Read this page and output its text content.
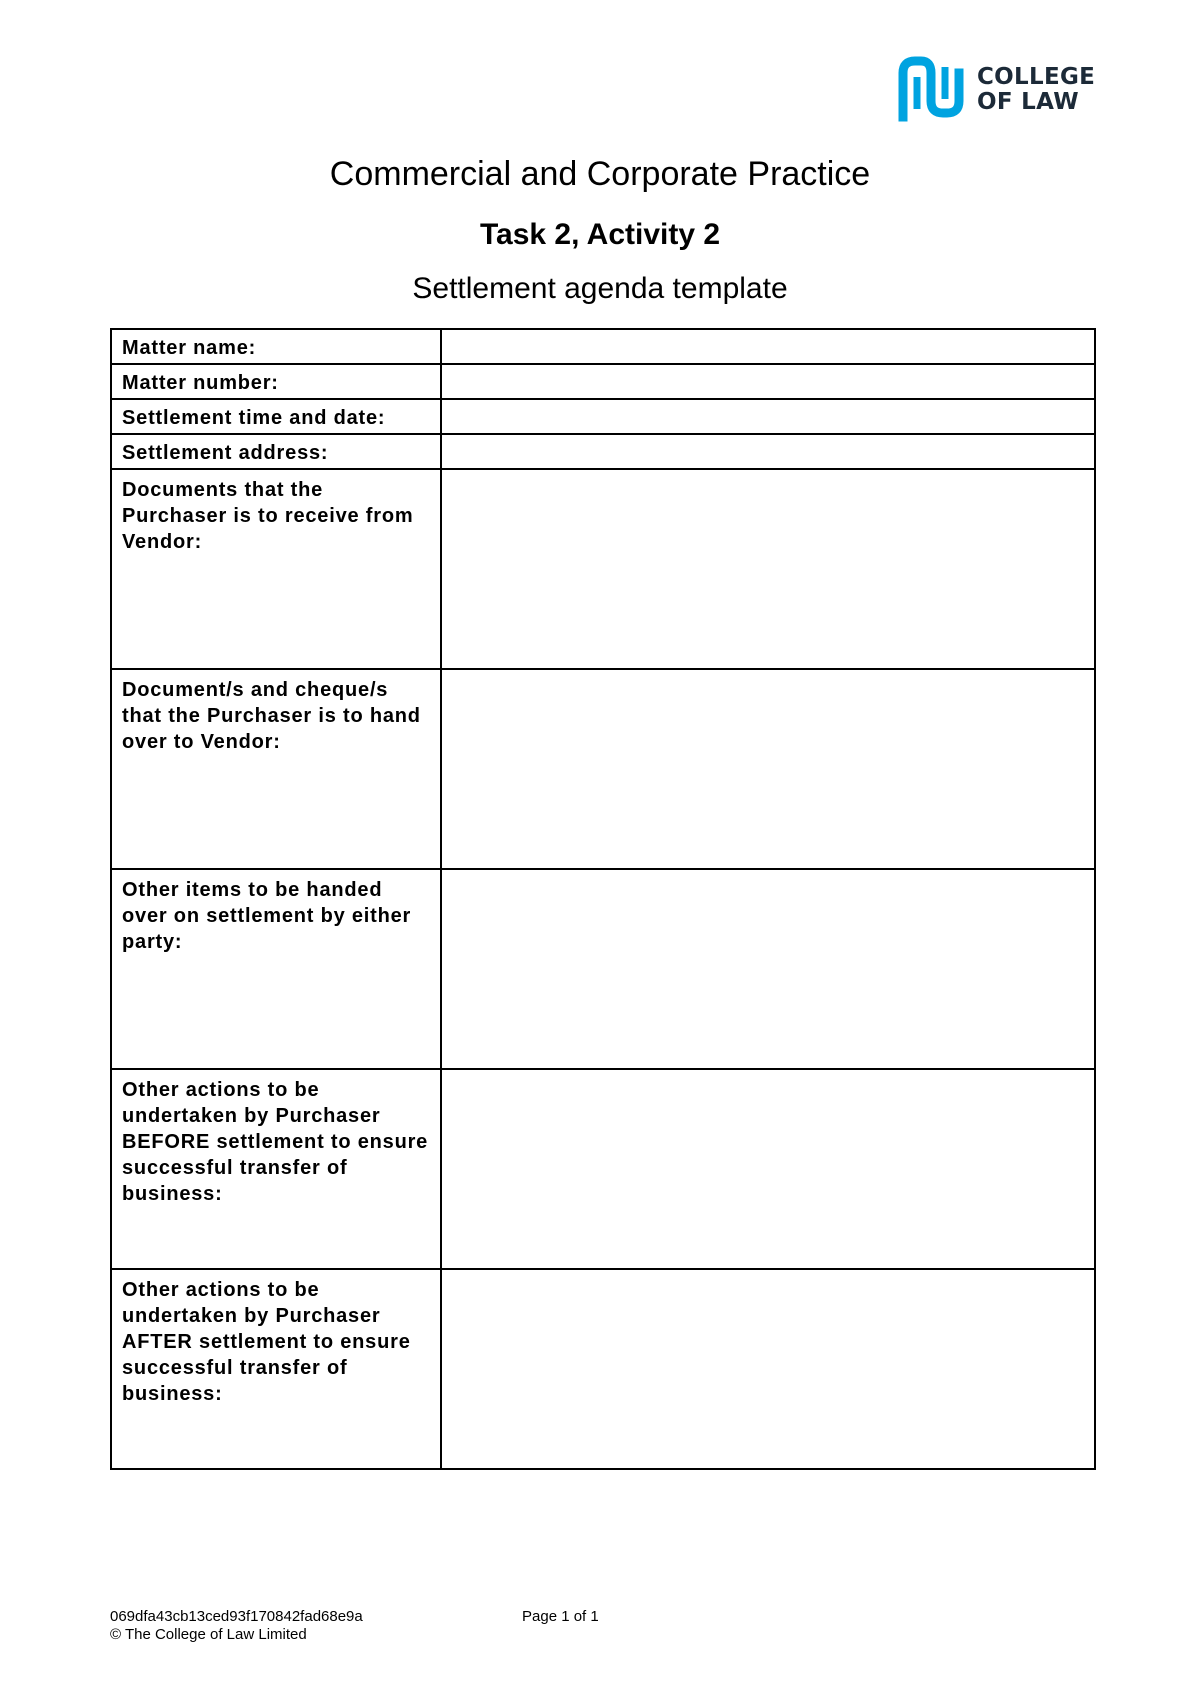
COLLEGE
OF LAW
Commercial and Corporate Practice
Task 2, Activity 2
Settlement agenda template
Matter name:	
Matter number:	
Settlement time and date:	
Settlement address:	
Documents that the Purchaser is to receive from Vendor:	
Document/s and cheque/s that the Purchaser is to hand over to Vendor:	
Other items to be handed over on settlement by either party:	
Other actions to be undertaken by Purchaser BEFORE settlement to ensure successful transfer of business:	
Other actions to be undertaken by Purchaser AFTER settlement to ensure successful transfer of business:	
069dfa43cb13ced93f170842fad68e9a
© The College of Law Limited
Page 1 of 1
